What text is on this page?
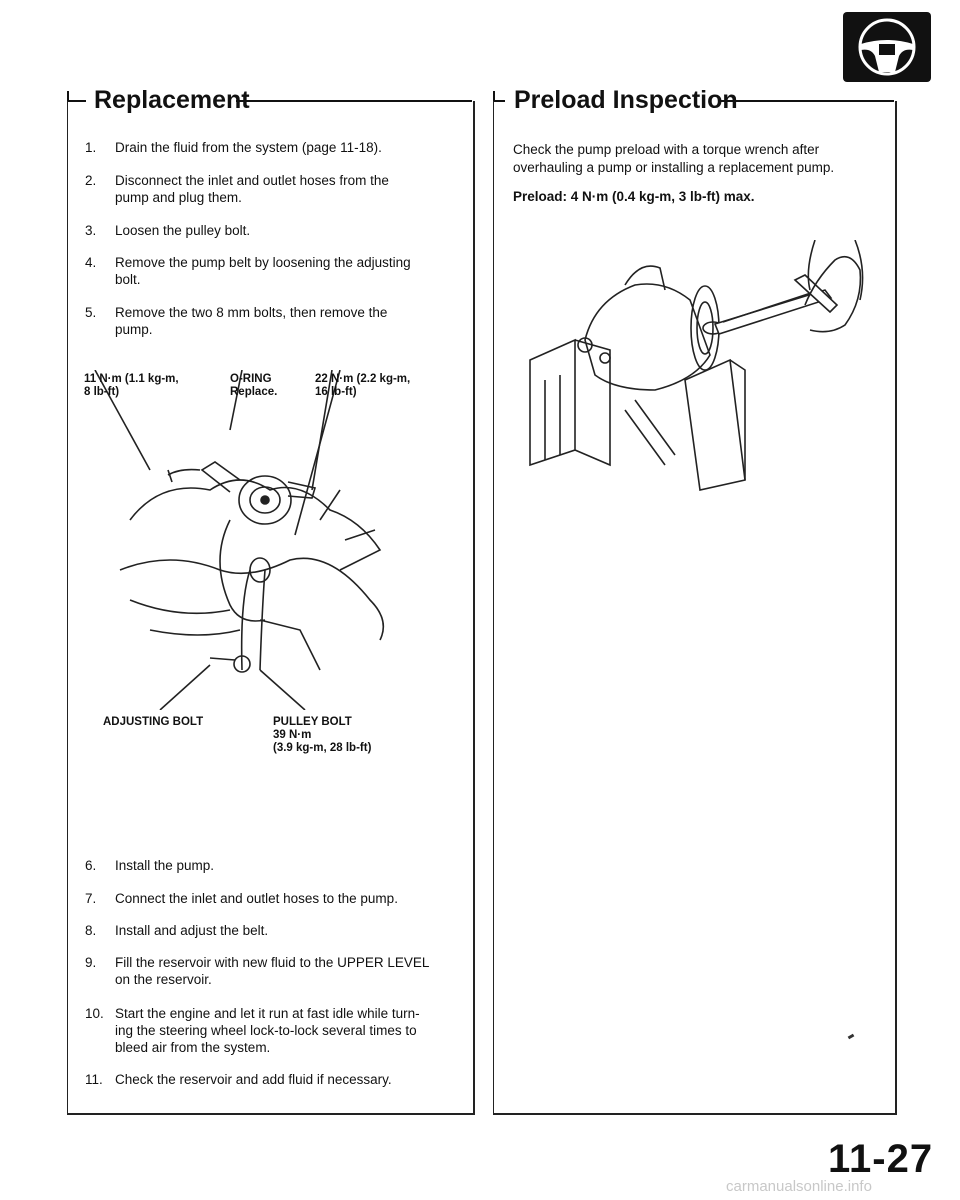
Replacement
1. Drain the fluid from the system (page 11-18).
2. Disconnect the inlet and outlet hoses from the
pump and plug them.
3. Loosen the pulley bolt.
4. Remove the pump belt by loosening the adjusting
bolt.
5. Remove the two 8 mm bolts, then remove the
pump.
11 N·m (1.1 kg-m,
8 lb-ft)
O-RING
Replace.
22 N·m (2.2 kg-m,
16 lb-ft)
ADJUSTING BOLT	PULLEY BOLT
39 N·m
(3.9 kg-m, 28 lb-ft)
6. Install the pump.
7. Connect the inlet and outlet hoses to the pump.
8. Install and adjust the belt.
9. Fill the reservoir with new fluid to the UPPER LEVEL
on the reservoir.
10. Start the engine and let it run at fast idle while turn-
ing the steering wheel lock-to-lock several times to
bleed air from the system.
11. Check the reservoir and add fluid if necessary.
Preload Inspection
Check the pump preload with a torque wrench after
overhauling a pump or installing a replacement pump.
Preload: 4 N·m (0.4 kg-m, 3 lb-ft) max.
11-27
carmanualsonline.info
